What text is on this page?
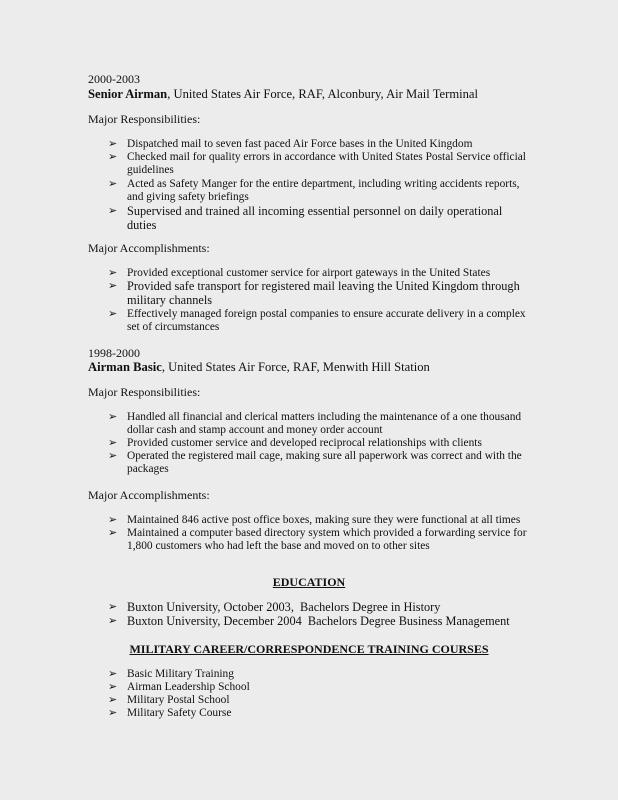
2000-2003

Senior Airman, United States Air Force, RAF, Alconbury, Air Mail Terminal

Major Responsibilities:

➢ Dispatched mail to seven fast paced Air Force bases in the United Kingdom
➢ Checked mail for quality errors in accordance with United States Postal Service official guidelines
➢ Acted as Safety Manger for the entire department, including writing accidents reports, and giving safety briefings
➢ Supervised and trained all incoming essential personnel on daily operational duties

Major Accomplishments:

➢ Provided exceptional customer service for airport gateways in the United States
➢ Provided safe transport for registered mail leaving the United Kingdom through military channels
➢ Effectively managed foreign postal companies to ensure accurate delivery in a complex set of circumstances

1998-2000

Airman Basic, United States Air Force, RAF, Menwith Hill Station

Major Responsibilities:

➢ Handled all financial and clerical matters including the maintenance of a one thousand dollar cash and stamp account and money order account
➢ Provided customer service and developed reciprocal relationships with clients
➢ Operated the registered mail cage, making sure all paperwork was correct and with the packages

Major Accomplishments:

➢ Maintained 846 active post office boxes, making sure they were functional at all times
➢ Maintained a computer based directory system which provided a forwarding service for 1,800 customers who had left the base and moved on to other sites

EDUCATION

➢ Buxton University, October 2003,  Bachelors Degree in History
➢ Buxton University, December 2004  Bachelors Degree Business Management

MILITARY CAREER/CORRESPONDENCE TRAINING COURSES

➢ Basic Military Training
➢ Airman Leadership School
➢ Military Postal School
➢ Military Safety Course
